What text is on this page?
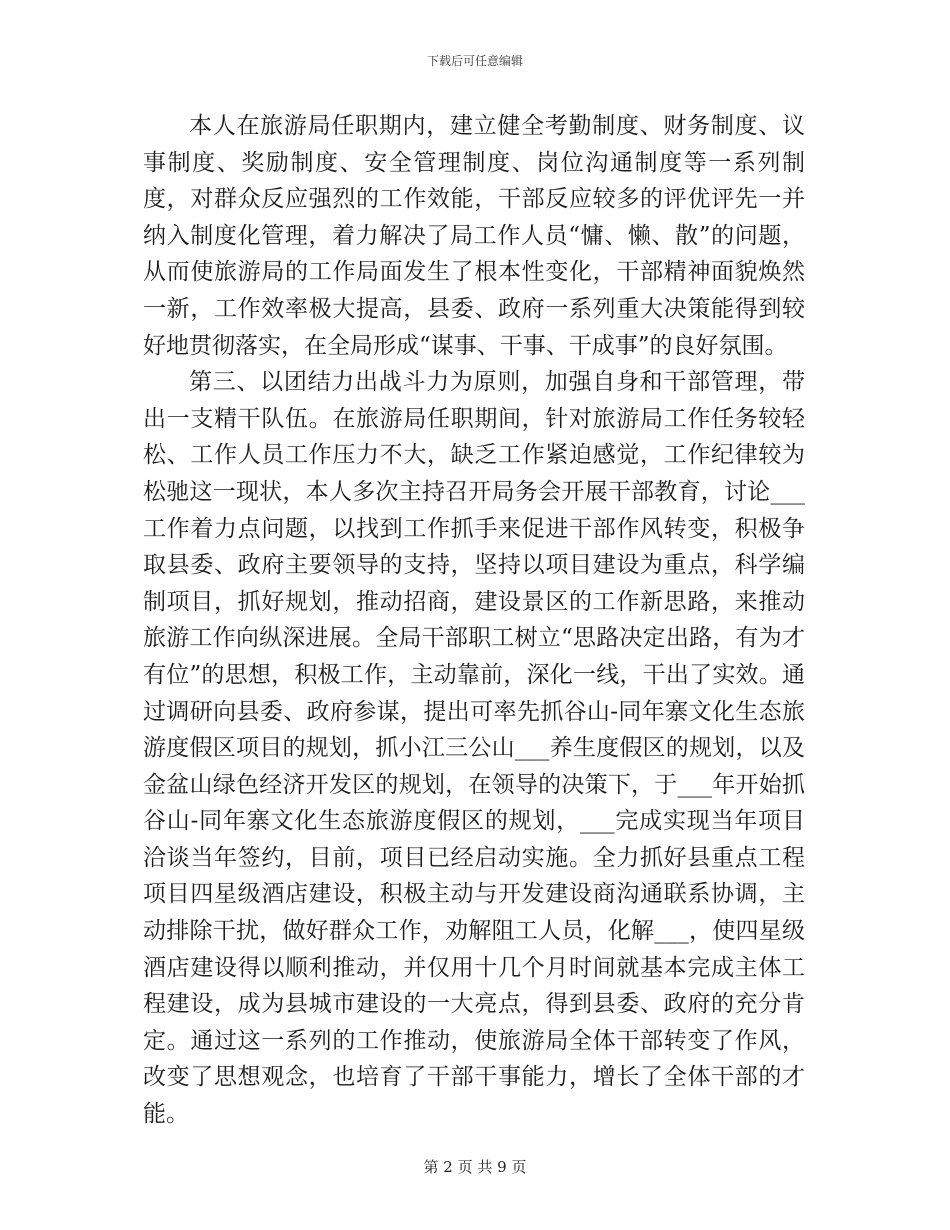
下载后可任意编辑

本人在旅游局任职期内，建立健全考勤制度、财务制度、议事制度、奖励制度、安全管理制度、岗位沟通制度等一系列制度，对群众反应强烈的工作效能，干部反应较多的评优评先一并纳入制度化管理，着力解决了局工作人员“慵、懒、散”的问题，从而使旅游局的工作局面发生了根本性变化，干部精神面貌焕然一新，工作效率极大提高，县委、政府一系列重大决策能得到较好地贯彻落实，在全局形成“谋事、干事、干成事”的良好氛围。

第三、以团结力出战斗力为原则，加强自身和干部管理，带出一支精干队伍。在旅游局任职期间，针对旅游局工作任务较轻松、工作人员工作压力不大，缺乏工作紧迫感觉，工作纪律较为松驰这一现状，本人多次主持召开局务会开展干部教育，讨论___工作着力点问题，以找到工作抓手来促进干部作风转变，积极争取县委、政府主要领导的支持，坚持以项目建设为重点，科学编制项目，抓好规划，推动招商，建设景区的工作新思路，来推动旅游工作向纵深进展。全局干部职工树立“思路决定出路，有为才有位”的思想，积极工作，主动靠前，深化一线，干出了实效。通过调研向县委、政府参谋，提出可率先抓谷山-同年寨文化生态旅游度假区项目的规划，抓小江三公山___养生度假区的规划，以及金盆山绿色经济开发区的规划，在领导的决策下，于___年开始抓谷山-同年寨文化生态旅游度假区的规划，___完成实现当年项目洽谈当年签约，目前，项目已经启动实施。全力抓好县重点工程项目四星级酒店建设，积极主动与开发建设商沟通联系协调，主动排除干扰，做好群众工作，劝解阻工人员，化解___，使四星级酒店建设得以顺利推动，并仅用十几个月时间就基本完成主体工程建设，成为县城市建设的一大亮点，得到县委、政府的充分肯定。通过这一系列的工作推动，使旅游局全体干部转变了作风，改变了思想观念，也培育了干部干事能力，增长了全体干部的才能。

第 2 页 共 9 页
